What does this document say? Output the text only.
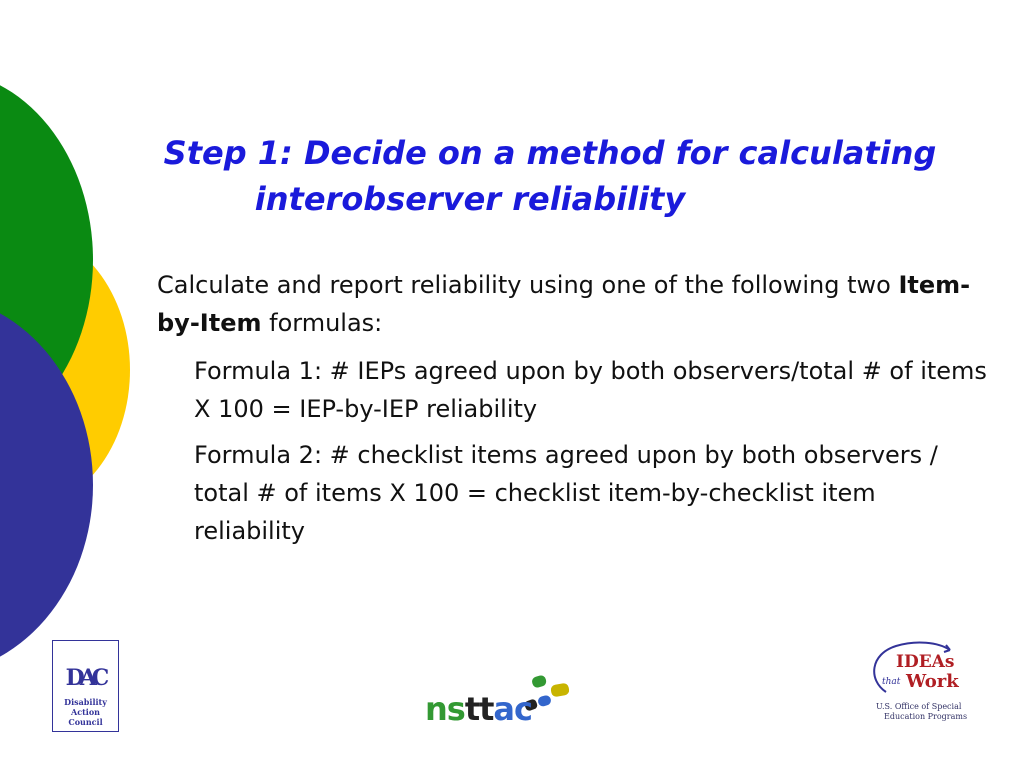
Step 1: Decide on a method for calculating
interobserver reliability

Calculate and report reliability using one of the following two Item-by-Item formulas:

Formula 1: # IEPs agreed upon by both observers/total # of items X 100 = IEP-by-IEP reliability

Formula 2: # checklist items agreed upon by both observers / total # of items X 100 = checklist item-by-checklist item reliability

DAC
Disability
Action
Council	nsttac
IDEAs
that Work
U.S. Office of Special
Education Programs
